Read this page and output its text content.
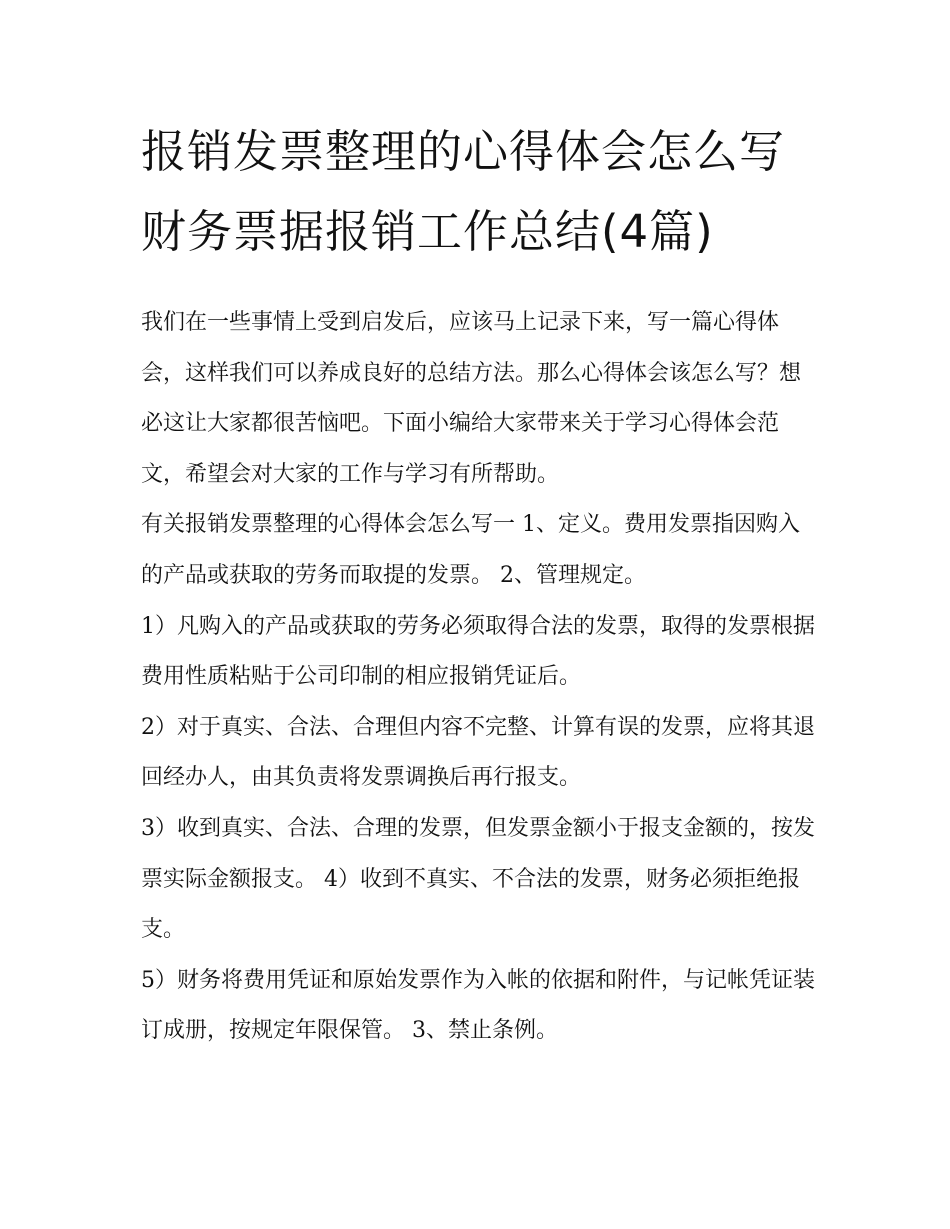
报销发票整理的心得体会怎么写 财务票据报销工作总结(4篇)

我们在一些事情上受到启发后，应该马上记录下来，写一篇心得体会，这样我们可以养成良好的总结方法。那么心得体会该怎么写？想必这让大家都很苦恼吧。下面小编给大家带来关于学习心得体会范文，希望会对大家的工作与学习有所帮助。

有关报销发票整理的心得体会怎么写一 1、定义。费用发票指因购入的产品或获取的劳务而取提的发票。 2、管理规定。

1）凡购入的产品或获取的劳务必须取得合法的发票，取得的发票根据费用性质粘贴于公司印制的相应报销凭证后。

2）对于真实、合法、合理但内容不完整、计算有误的发票，应将其退回经办人，由其负责将发票调换后再行报支。

3）收到真实、合法、合理的发票，但发票金额小于报支金额的，按发票实际金额报支。 4）收到不真实、不合法的发票，财务必须拒绝报支。

5）财务将费用凭证和原始发票作为入帐的依据和附件，与记帐凭证装订成册，按规定年限保管。 3、禁止条例。
